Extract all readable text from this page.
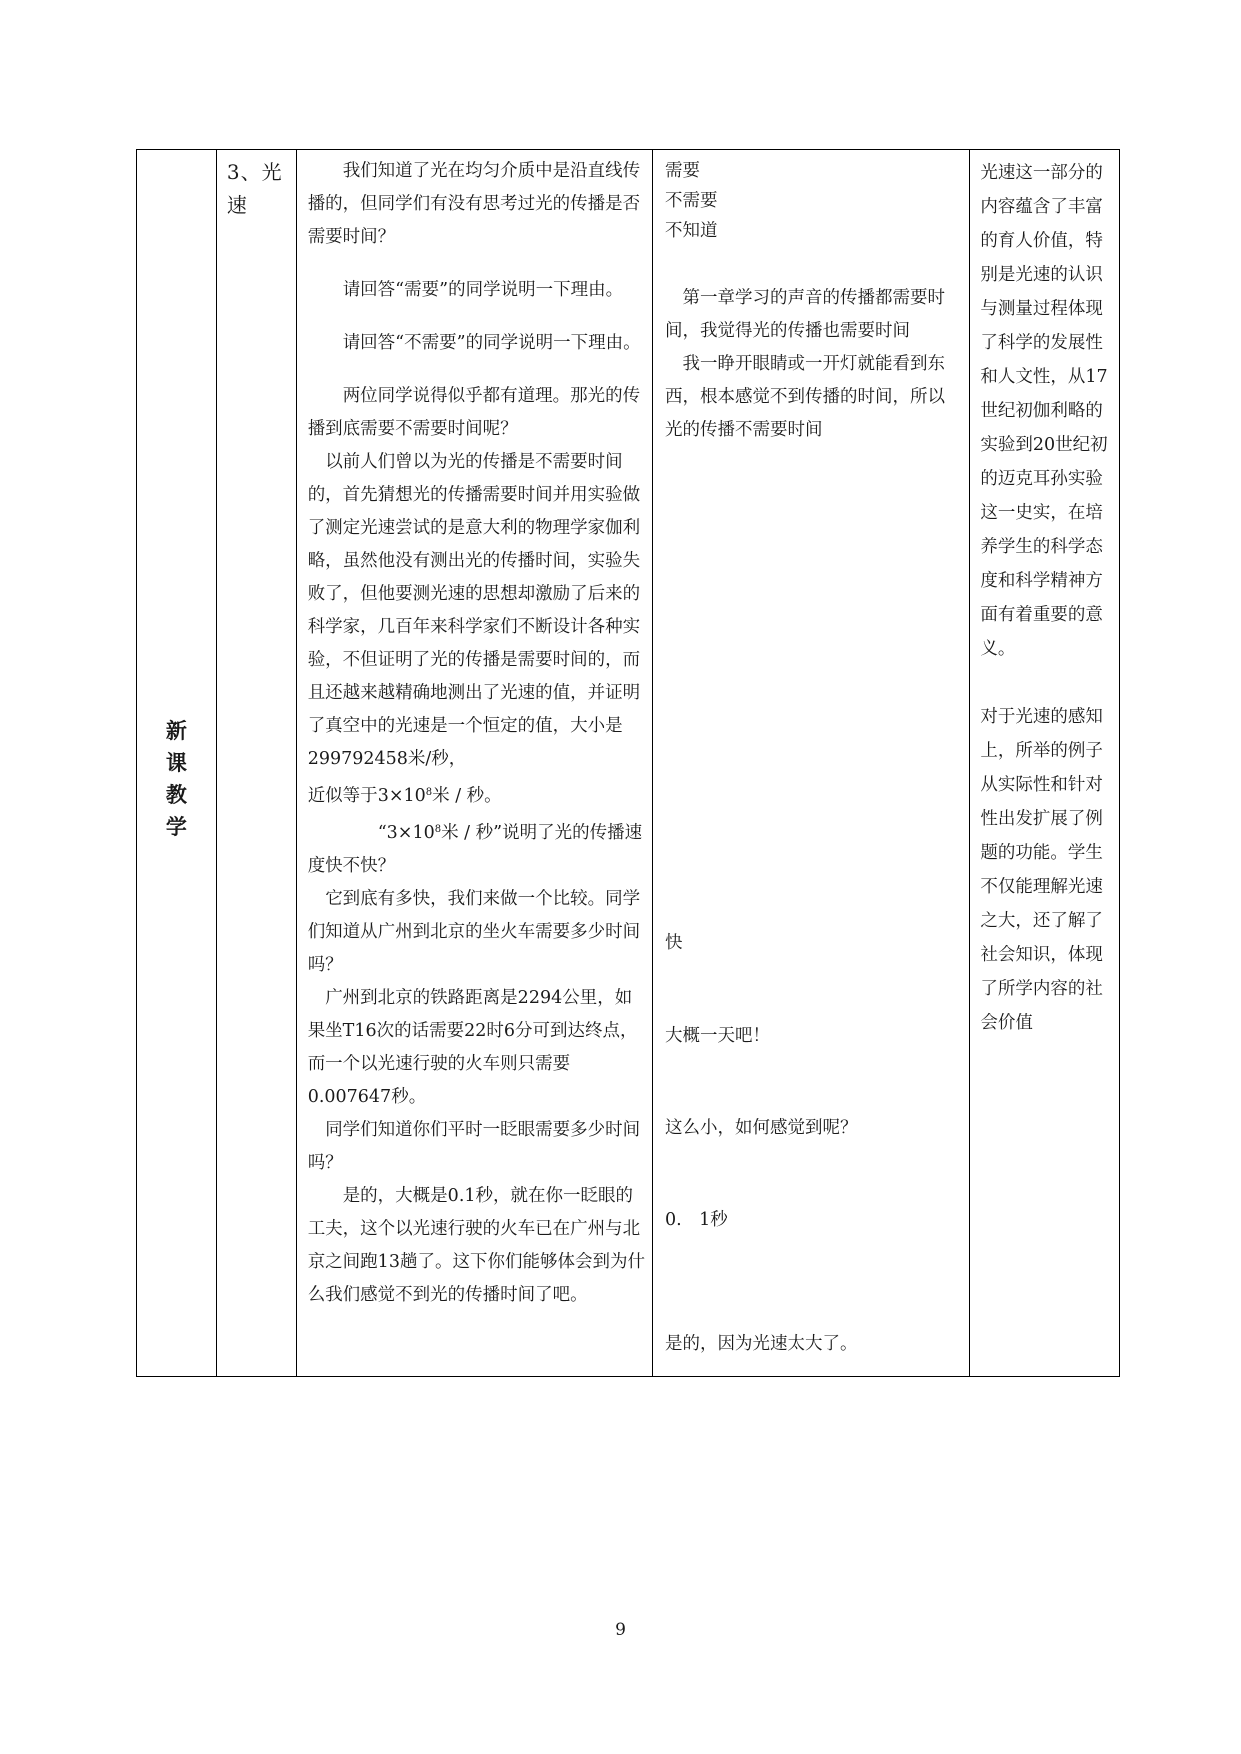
新
课
教
学
3、光速
我们知道了光在均匀介质中是沿直线传播的，但同学们有没有思考过光的传播是否需要时间？
请回答“需要”的同学说明一下理由。
请回答“不需要”的同学说明一下理由。
两位同学说得似乎都有道理。那光的传播到底需要不需要时间呢？
以前人们曾以为光的传播是不需要时间的，首先猜想光的传播需要时间并用实验做了测定光速尝试的是意大利的物理学家伽利略，虽然他没有测出光的传播时间，实验失败了，但他要测光速的思想却激励了后来的科学家，几百年来科学家们不断设计各种实验，不但证明了光的传播是需要时间的，而且还越来越精确地测出了光速的值，并证明了真空中的光速是一个恒定的值，大小是299792458米/秒，
近似等于$3\times 10^8$米 / 秒。
“$3\times 10^8$米 / 秒”说明了光的传播速度快不快？
它到底有多快，我们来做一个比较。同学们知道从广州到北京的坐火车需要多少时间吗？
广州到北京的铁路距离是2294公里，如果坐T16次的话需要22时6分可到达终点，而一个以光速行驶的火车则只需要0.007647秒。
同学们知道你们平时一眨眼需要多少时间吗？
是的，大概是0.1秒，就在你一眨眼的工夫，这个以光速行驶的火车已在广州与北京之间跑13趟了。这下你们能够体会到为什么我们感觉不到光的传播时间了吧。
需要
不需要
不知道
第一章学习的声音的传播都需要时间，我觉得光的传播也需要时间
我一睁开眼睛或一开灯就能看到东西，根本感觉不到传播的时间，所以光的传播不需要时间
快
大概一天吧！
这么小，如何感觉到呢？
0.　1秒
是的，因为光速太大了。
光速这一部分的内容蕴含了丰富的育人价值，特别是光速的认识与测量过程体现了科学的发展性和人文性，从17世纪初伽利略的实验到20世纪初的迈克耳孙实验这一史实，在培养学生的科学态度和科学精神方面有着重要的意义。
对于光速的感知上，所举的例子从实际性和针对性出发扩展了例题的功能。学生不仅能理解光速之大，还了解了社会知识，体现了所学内容的社会价值
9
